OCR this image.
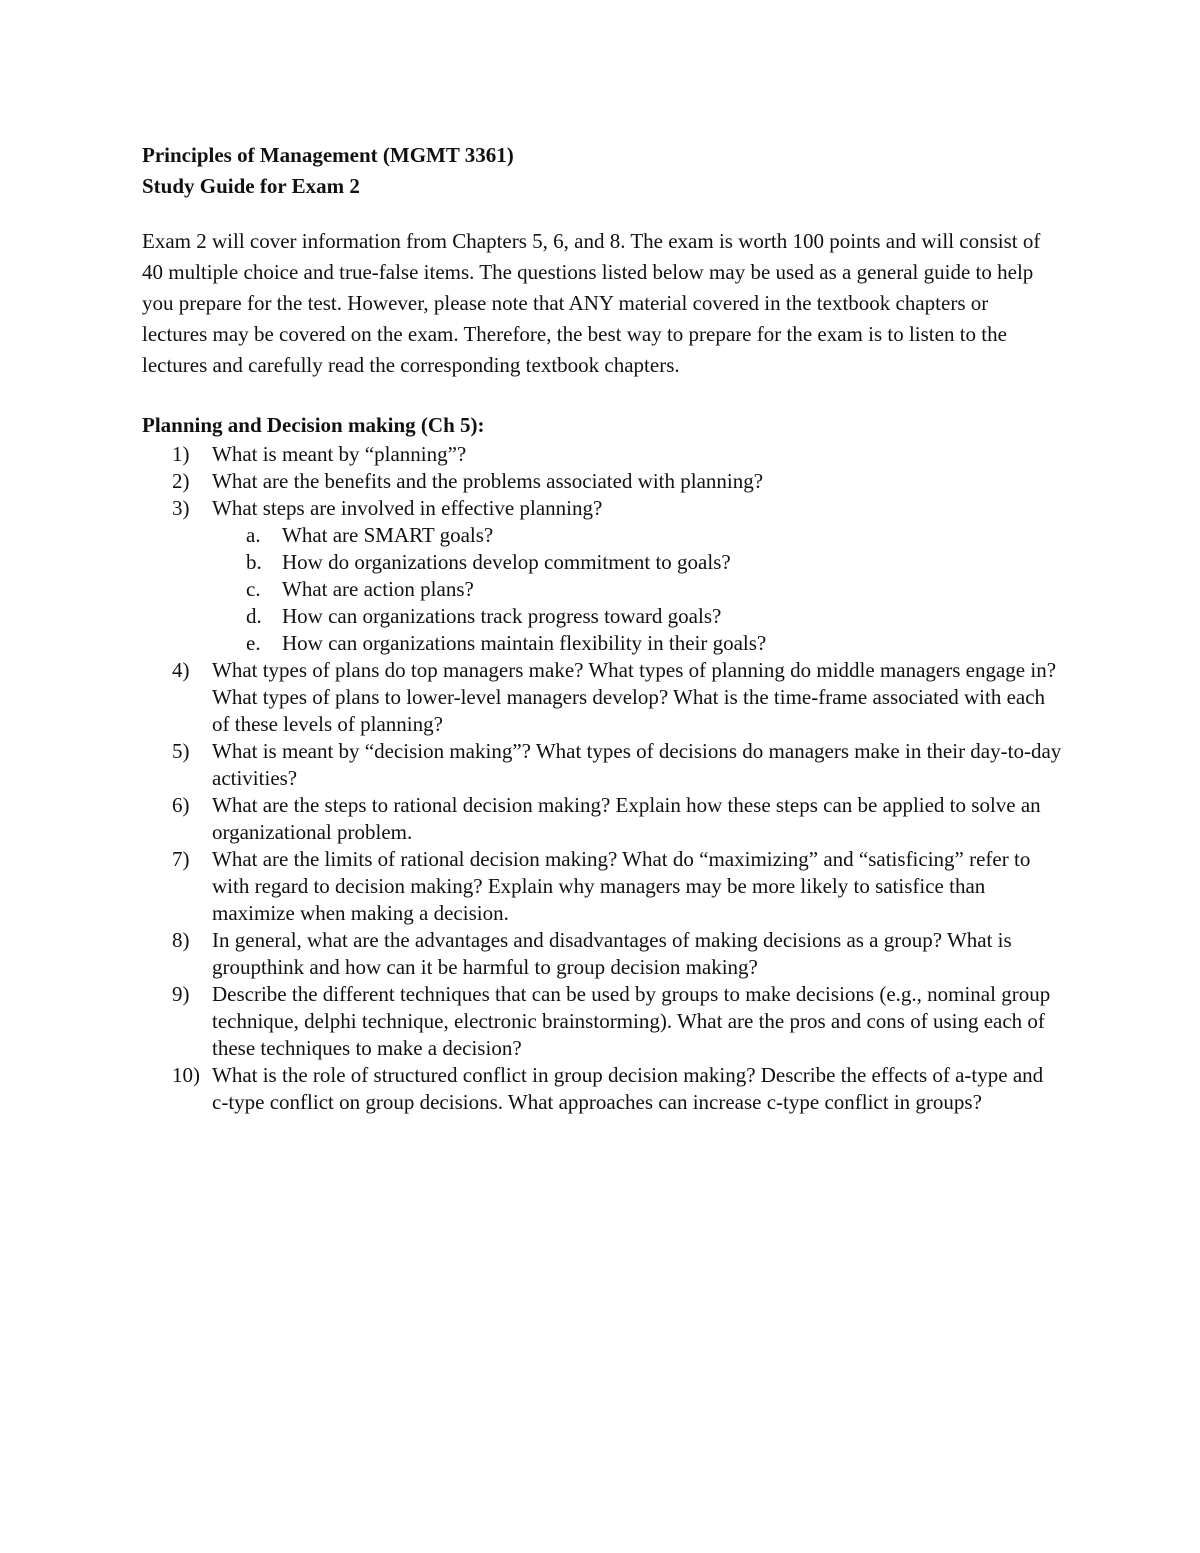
Principles of Management (MGMT 3361)

Study Guide for Exam 2

Exam 2 will cover information from Chapters 5, 6, and 8. The exam is worth 100 points and will consist of 40 multiple choice and true-false items. The questions listed below may be used as a general guide to help you prepare for the test. However, please note that ANY material covered in the textbook chapters or lectures may be covered on the exam. Therefore, the best way to prepare for the exam is to listen to the lectures and carefully read the corresponding textbook chapters.

Planning and Decision making (Ch 5):

1)	What is meant by “planning”?
2)	What are the benefits and the problems associated with planning?
3)	What steps are involved in effective planning?
a.	What are SMART goals?
b. How do organizations develop commitment to goals?
c.	What are action plans?
d. How can organizations track progress toward goals?
e.	How can organizations maintain flexibility in their goals?
4)	What types of plans do top managers make? What types of planning do middle managers engage in? What types of plans to lower-level managers develop? What is the time-frame associated with each of these levels of planning?
5)	What is meant by “decision making”? What types of decisions do managers make in their day-to-day activities?
6)	What are the steps to rational decision making? Explain how these steps can be applied to solve an organizational problem.
7)	What are the limits of rational decision making? What do “maximizing” and “satisficing” refer to with regard to decision making? Explain why managers may be more likely to satisfice than maximize when making a decision.
8)	In general, what are the advantages and disadvantages of making decisions as a group? What is groupthink and how can it be harmful to group decision making?
9)	Describe the different techniques that can be used by groups to make decisions (e.g., nominal group technique, delphi technique, electronic brainstorming). What are the pros and cons of using each of these techniques to make a decision?
10) What is the role of structured conflict in group decision making? Describe the effects of a-type and c-type conflict on group decisions. What approaches can increase c-type conflict in groups?
